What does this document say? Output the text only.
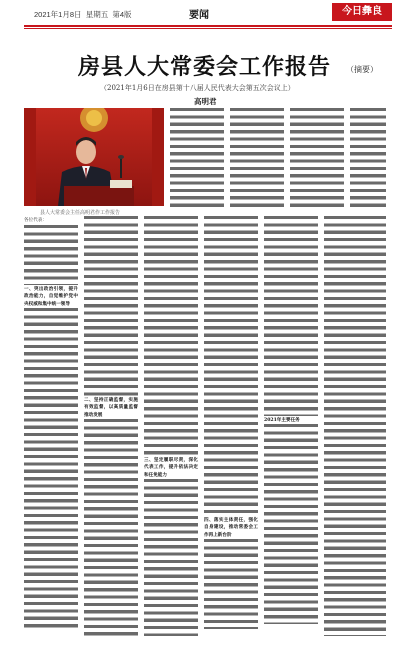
2021年1月8日 星期五 第4版	要闻	今日彝良
房县人大常委会工作报告 （摘要）
（2021年1月6日在房县第十八届人民代表大会第五次会议上）
高明君
县人大常委会主任高明君作工作报告
各位代表：
一、突出政治引领，提升政治能力，自觉维护党中央权威和集中统一领导
二、坚持正确监督，实施有效监督，以高质量监督推动发展
三、坚定履职尽责，深化代表工作，提升依法决定和任免能力
四、落实主体责任，强化自身建设，推动常委会工作再上新台阶
2021年主要任务
